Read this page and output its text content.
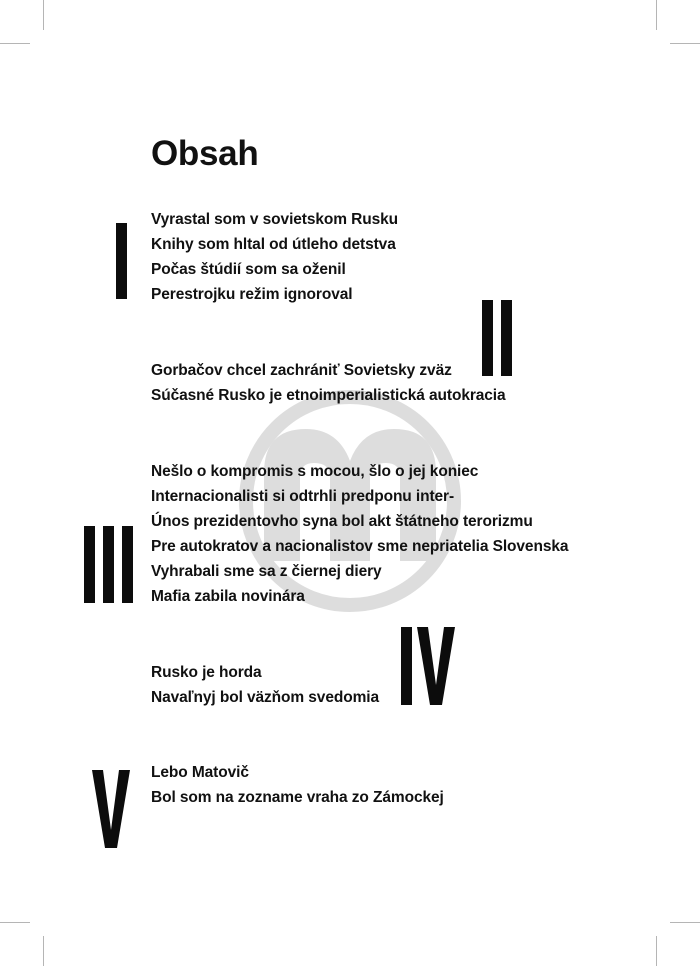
Obsah
Vyrastal som v sovietskom Rusku
Knihy som hltal od útleho detstva
Počas štúdií som sa oženil
Perestrojku režim ignoroval
Gorbačov chcel zachrániť Sovietsky zväz
Súčasné Rusko je etnoimperialistická autokracia
Nešlo o kompromis s mocou, šlo o jej koniec
Internacionalisti si odtrhli predponu inter-
Únos prezidentovho syna bol akt štátneho terorizmu
Pre autokratov a nacionalistov sme nepriatelia Slovenska
Vyhrabali sme sa z čiernej diery
Mafia zabila novinára
Rusko je horda
Navaľnyj bol väzňom svedomia
Lebo Matovič
Bol som na zozname vraha zo Zámockej
